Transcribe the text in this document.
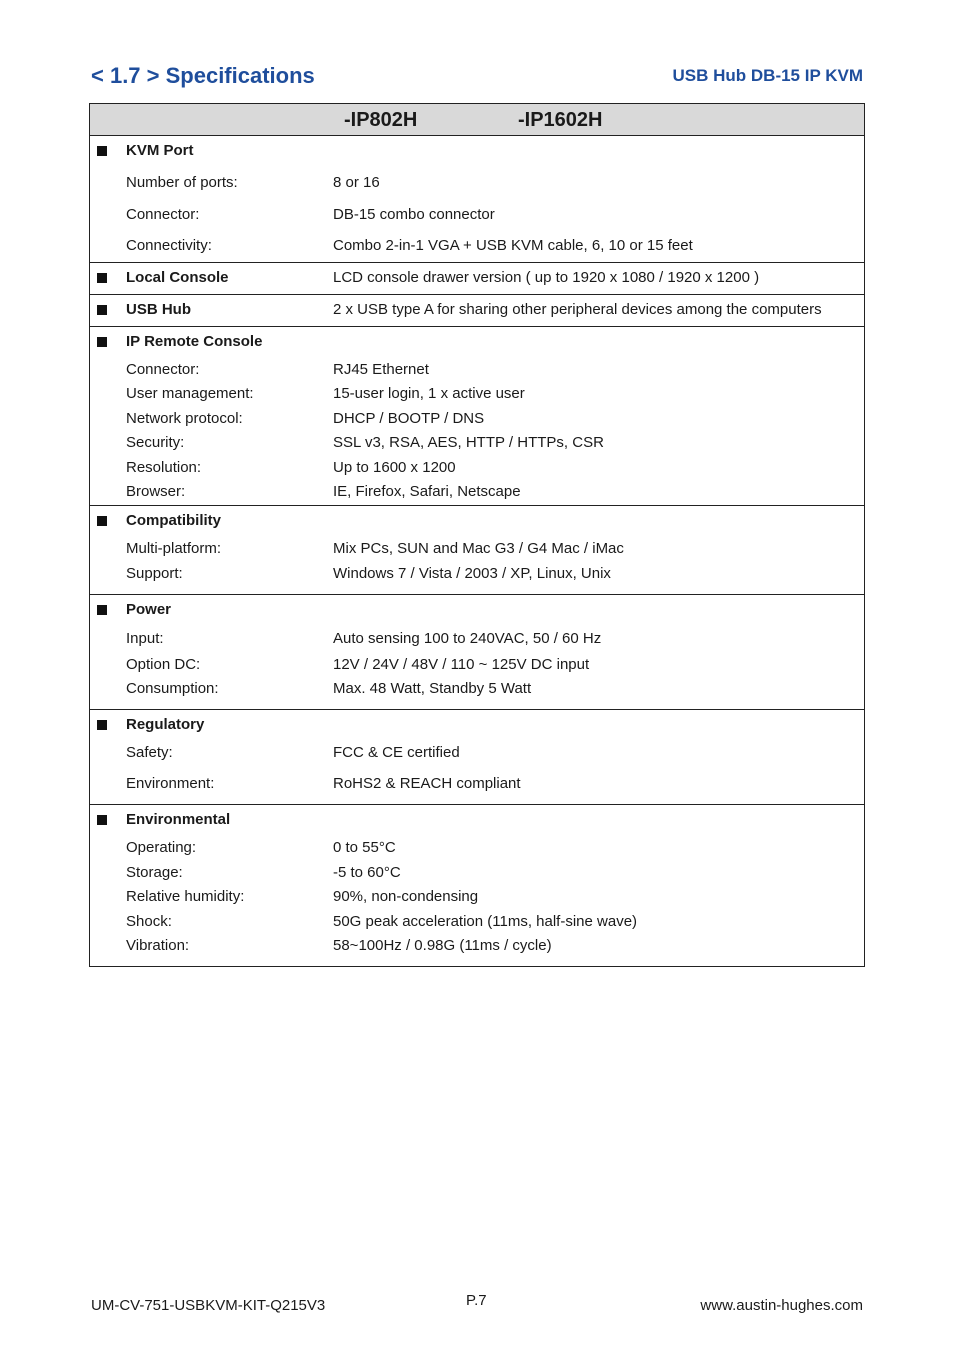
< 1.7 > Specifications	USB Hub DB-15 IP KVM
-IP802H	-IP1602H
KVM Port
Number of ports:	8 or 16
Connector:	DB-15 combo connector
Connectivity:	Combo 2-in-1 VGA + USB KVM cable, 6, 10 or 15 feet
Local Console	LCD console drawer version ( up to 1920 x 1080 / 1920 x 1200 )
USB Hub	2 x USB type A for sharing other peripheral devices among the computers
IP Remote Console
Connector:	RJ45 Ethernet
User management:	15-user login, 1 x active user
Network protocol:	DHCP / BOOTP / DNS
Security:	SSL v3, RSA, AES, HTTP / HTTPs, CSR
Resolution:	Up to 1600 x 1200
Browser:	IE, Firefox, Safari, Netscape
Compatibility
Multi-platform:	Mix PCs, SUN and Mac G3 / G4 Mac / iMac
Support:	Windows 7 / Vista / 2003 / XP, Linux, Unix
Power
Input:	Auto sensing 100 to 240VAC, 50 / 60 Hz
Option DC:	12V / 24V / 48V / 110 ~ 125V DC input
Consumption:	Max. 48 Watt, Standby 5 Watt
Regulatory
Safety:	FCC & CE certified
Environment:	RoHS2 & REACH compliant
Environmental
Operating:	0 to 55°C
Storage:	-5 to 60°C
Relative humidity:	90%, non-condensing
Shock:	50G peak acceleration (11ms, half-sine wave)
Vibration:	58~100Hz / 0.98G (11ms / cycle)
UM-CV-751-USBKVM-KIT-Q215V3	P.7	www.austin-hughes.com
